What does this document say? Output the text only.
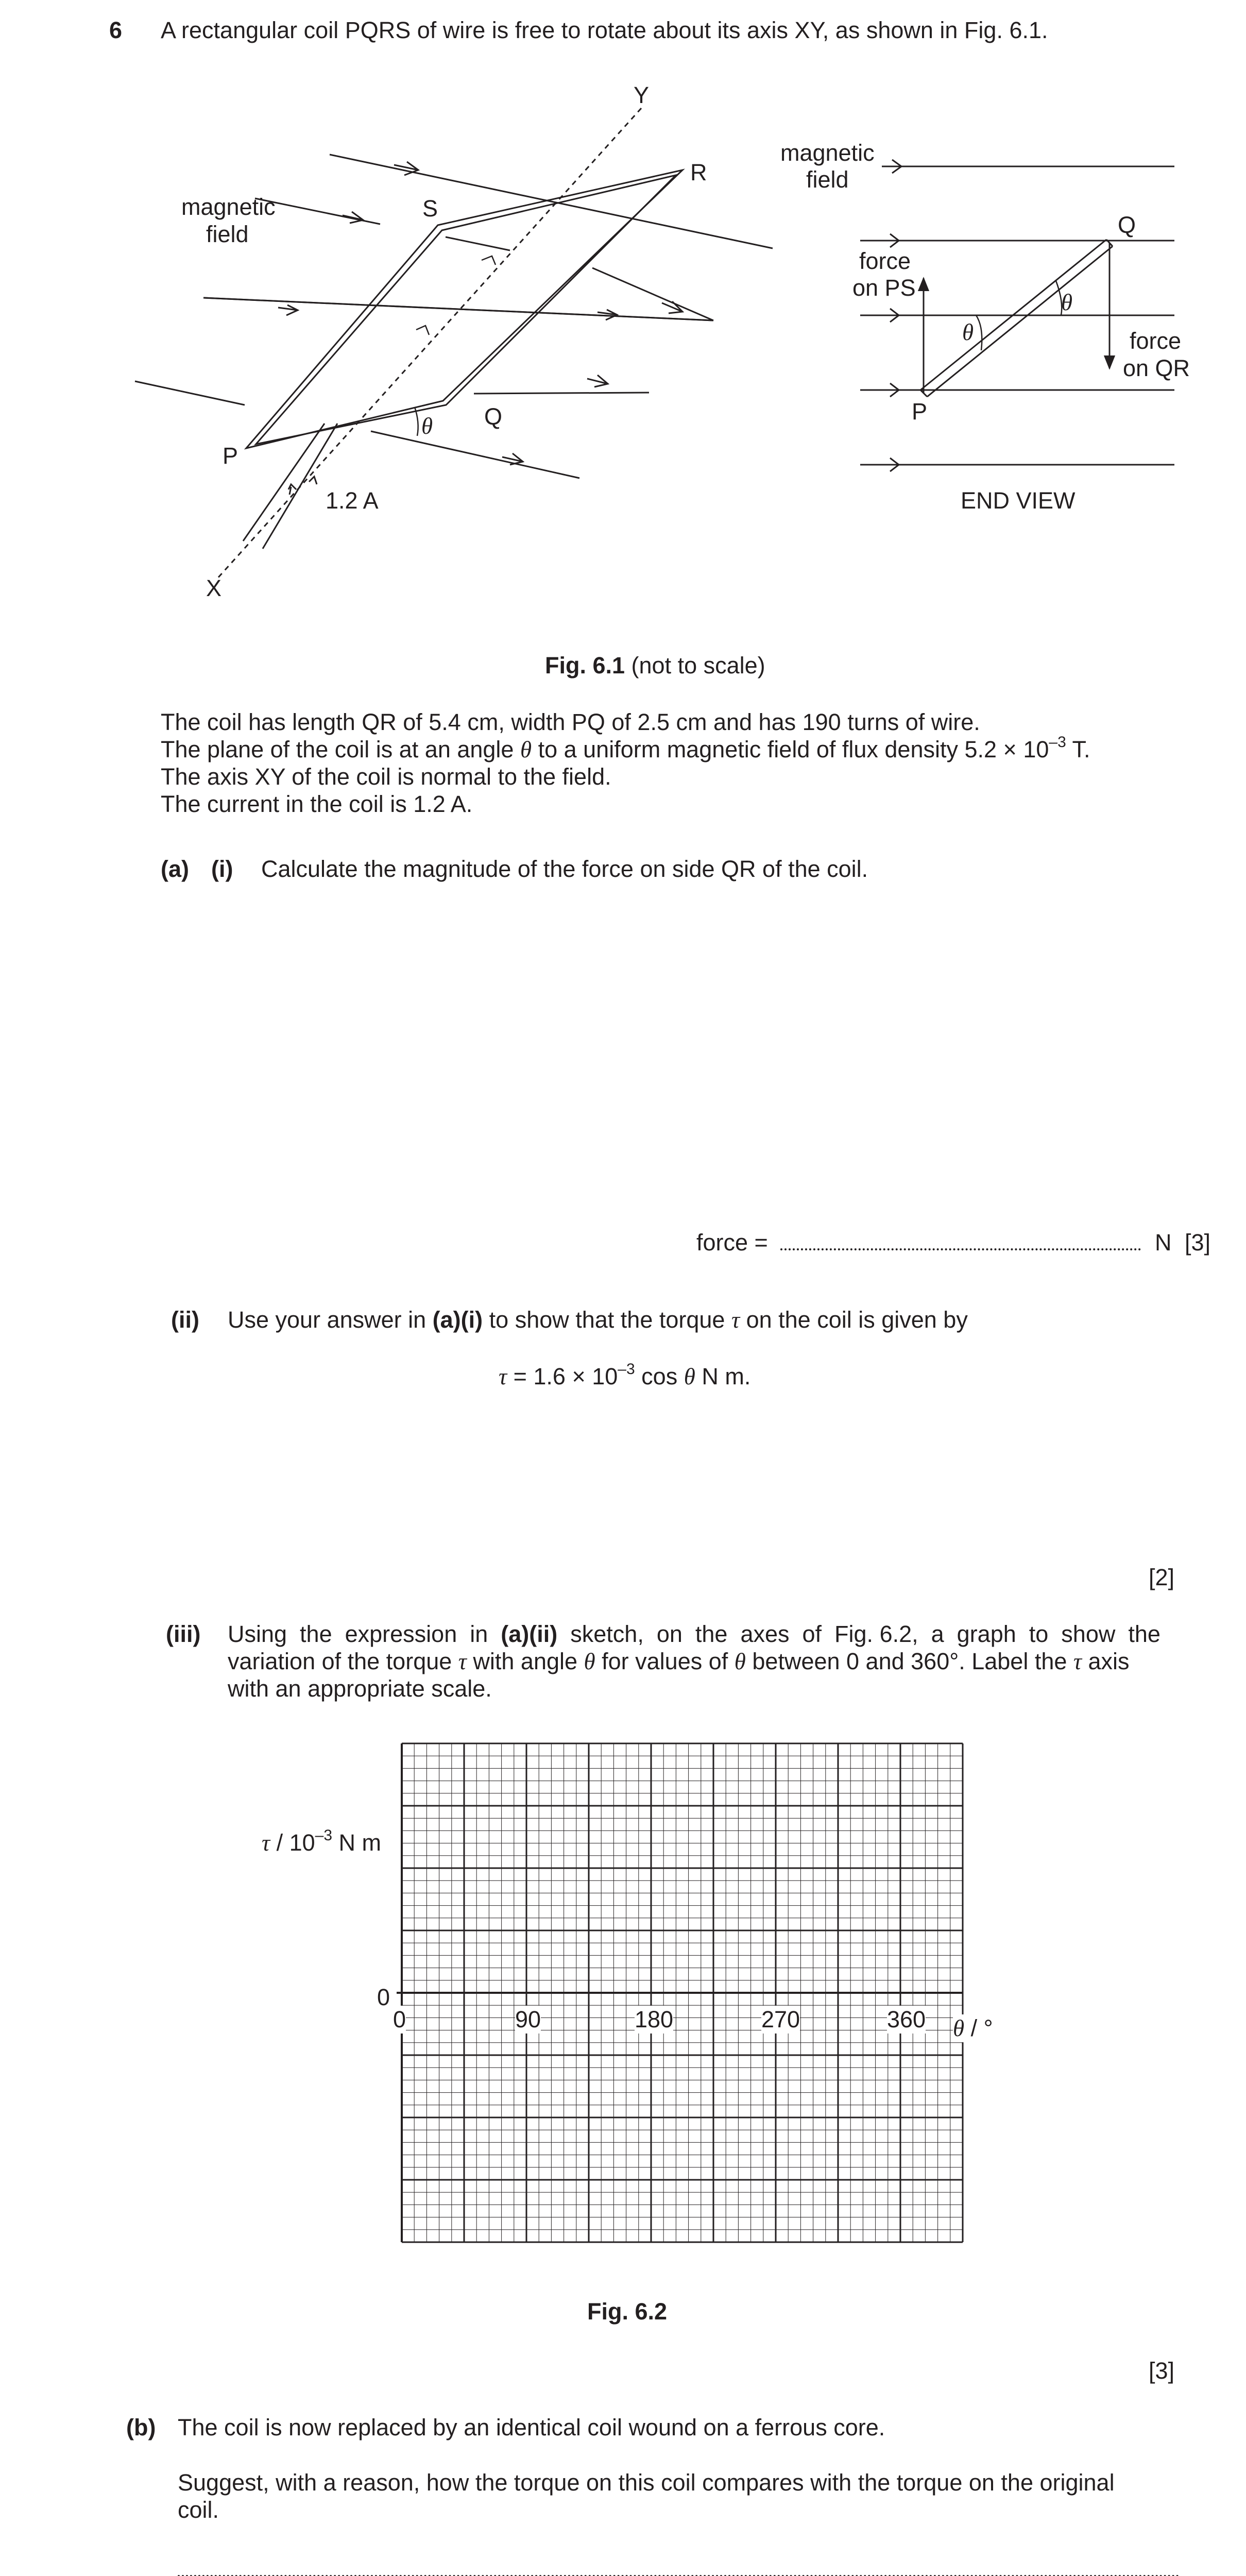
6 A rectangular coil PQRS of wire is free to rotate about its axis XY, as shown in Fig. 6.1.
Y
R
S
P
Q
θ
1.2 A
X
magnetic
field
magnetic
field
Q
P
force
on PS
force
on QR
θ
θ
END VIEW
Fig. 6.1 (not to scale)
The coil has length QR of 5.4 cm, width PQ of 2.5 cm and has 190 turns of wire.
The plane of the coil is at an angle θ to a uniform magnetic field of flux density $5.2 \times 10^{-3}$ T.
The axis XY of the coil is normal to the field.
The current in the coil is 1.2 A.
(a) (i) Calculate the magnitude of the force on side QR of the coil.
force =	N [3]
(ii) Use your answer in (a)(i) to show that the torque τ on the coil is given by
$\tau = 1.6 \times 10^{-3}$ cos θ N m.
[2]
(iii) Using  the  expression  in  (a)(ii)  sketch,  on  the  axes  of  Fig. 6.2,  a  graph  to  show  the
variation of the torque τ with angle θ for values of θ between 0 and 360°. Label the τ axis
with an appropriate scale.
τ / $10^{-3}$ N m
0
0	90	180	270	360 θ / °
Fig. 6.2
[3]
(b) The coil is now replaced by an identical coil wound on a ferrous core.
Suggest, with a reason, how the torque on this coil compares with the torque on the original
coil.
